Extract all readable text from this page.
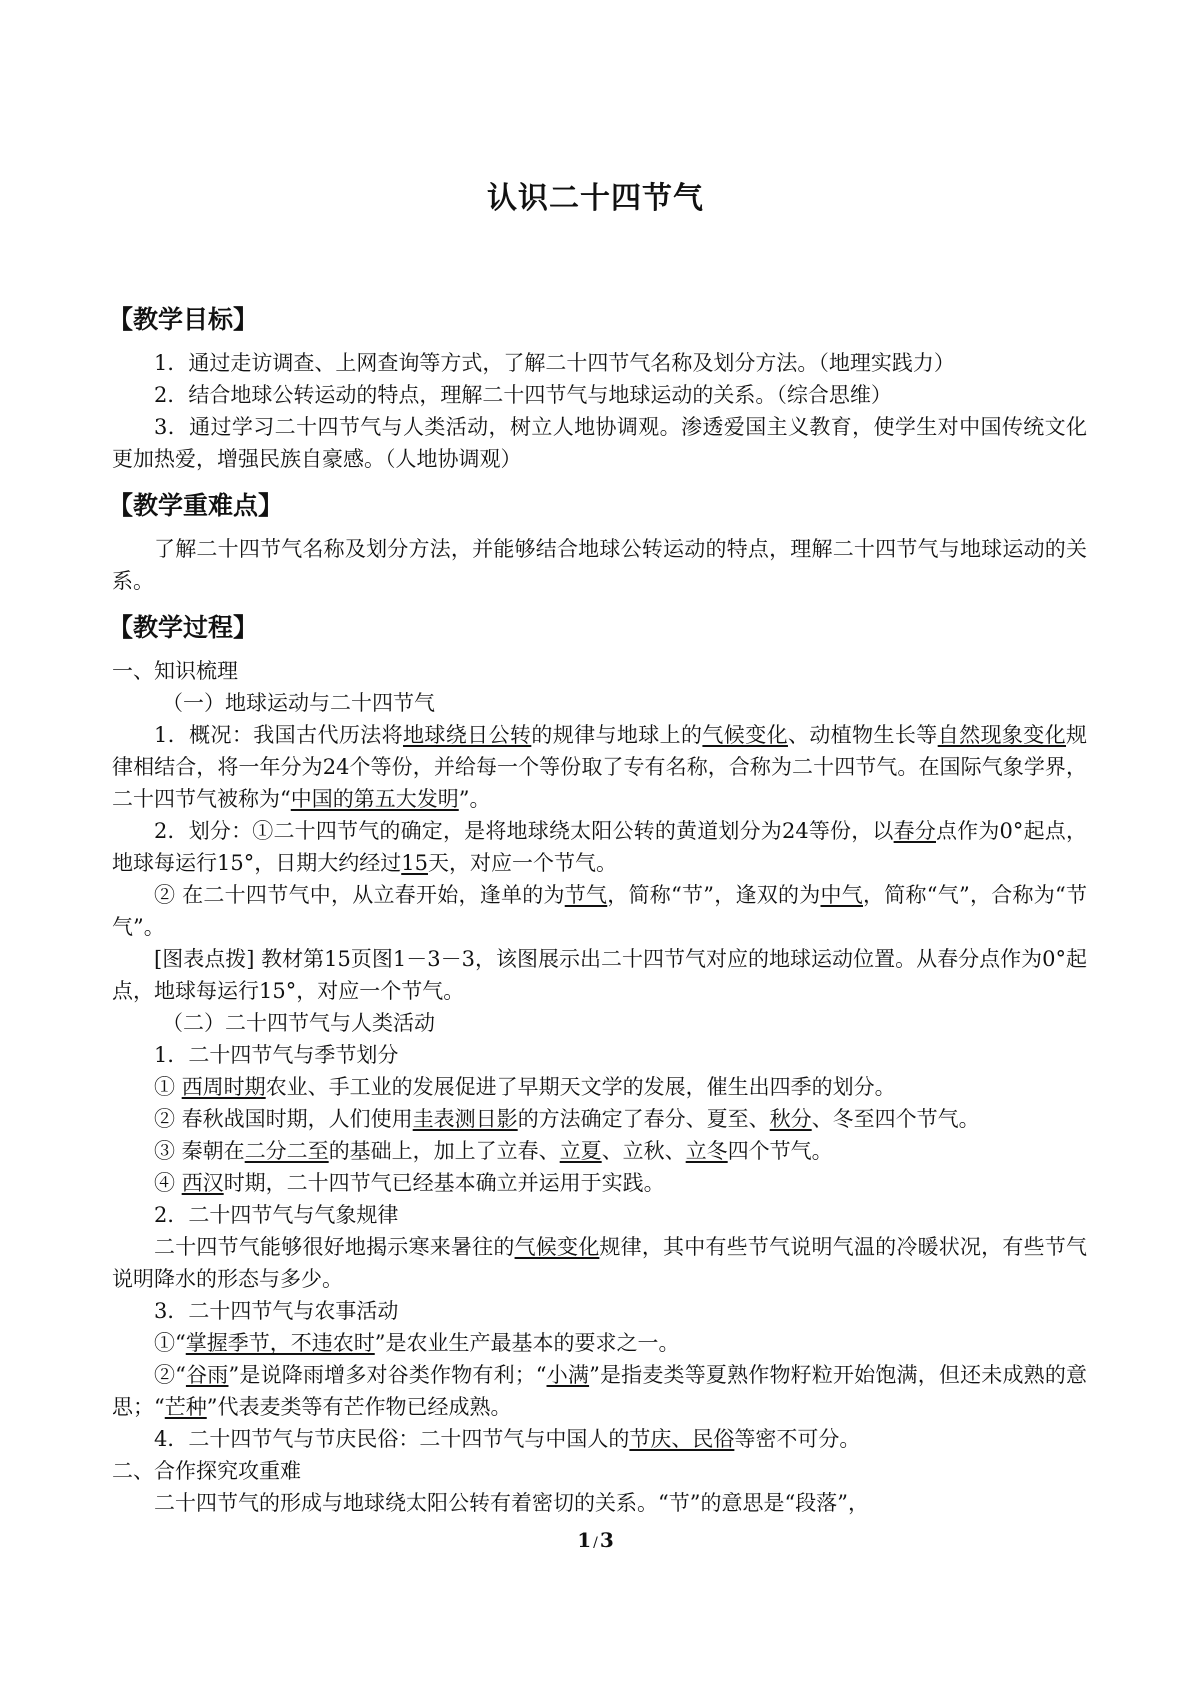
认识二十四节气
【教学目标】

1．通过走访调查、上网查询等方式，了解二十四节气名称及划分方法。（地理实践力）

2．结合地球公转运动的特点，理解二十四节气与地球运动的关系。（综合思维）

3．通过学习二十四节气与人类活动，树立人地协调观。渗透爱国主义教育，使学生对中国传统文化更加热爱，增强民族自豪感。（人地协调观）

【教学重难点】

了解二十四节气名称及划分方法，并能够结合地球公转运动的特点，理解二十四节气与地球运动的关系。

【教学过程】

一、知识梳理

（一）地球运动与二十四节气

1．概况：我国古代历法将地球绕日公转的规律与地球上的气候变化、动植物生长等自然现象变化规律相结合，将一年分为24个等份，并给每一个等份取了专有名称，合称为二十四节气。在国际气象学界，二十四节气被称为“中国的第五大发明”。

2．划分：①二十四节气的确定，是将地球绕太阳公转的黄道划分为24等份，以春分点作为0°起点，地球每运行15°，日期大约经过15天，对应一个节气。

② 在二十四节气中，从立春开始，逢单的为节气，简称“节”，逢双的为中气，简称“气”，合称为“节气”。

[图表点拨] 教材第15页图1－3－3，该图展示出二十四节气对应的地球运动位置。从春分点作为0°起点，地球每运行15°，对应一个节气。

（二）二十四节气与人类活动

1．二十四节气与季节划分

① 西周时期农业、手工业的发展促进了早期天文学的发展，催生出四季的划分。

② 春秋战国时期，人们使用圭表测日影的方法确定了春分、夏至、秋分、冬至四个节气。

③ 秦朝在二分二至的基础上，加上了立春、立夏、立秋、立冬四个节气。

④ 西汉时期，二十四节气已经基本确立并运用于实践。

2．二十四节气与气象规律

二十四节气能够很好地揭示寒来暑往的气候变化规律，其中有些节气说明气温的冷暖状况，有些节气说明降水的形态与多少。

3．二十四节气与农事活动

①“掌握季节，不违农时”是农业生产最基本的要求之一。

②“谷雨”是说降雨增多对谷类作物有利；“小满”是指麦类等夏熟作物籽粒开始饱满，但还未成熟的意思；“芒种”代表麦类等有芒作物已经成熟。

4．二十四节气与节庆民俗：二十四节气与中国人的节庆、民俗等密不可分。

二、合作探究攻重难

二十四节气的形成与地球绕太阳公转有着密切的关系。“节”的意思是“段落”，

1 / 3
